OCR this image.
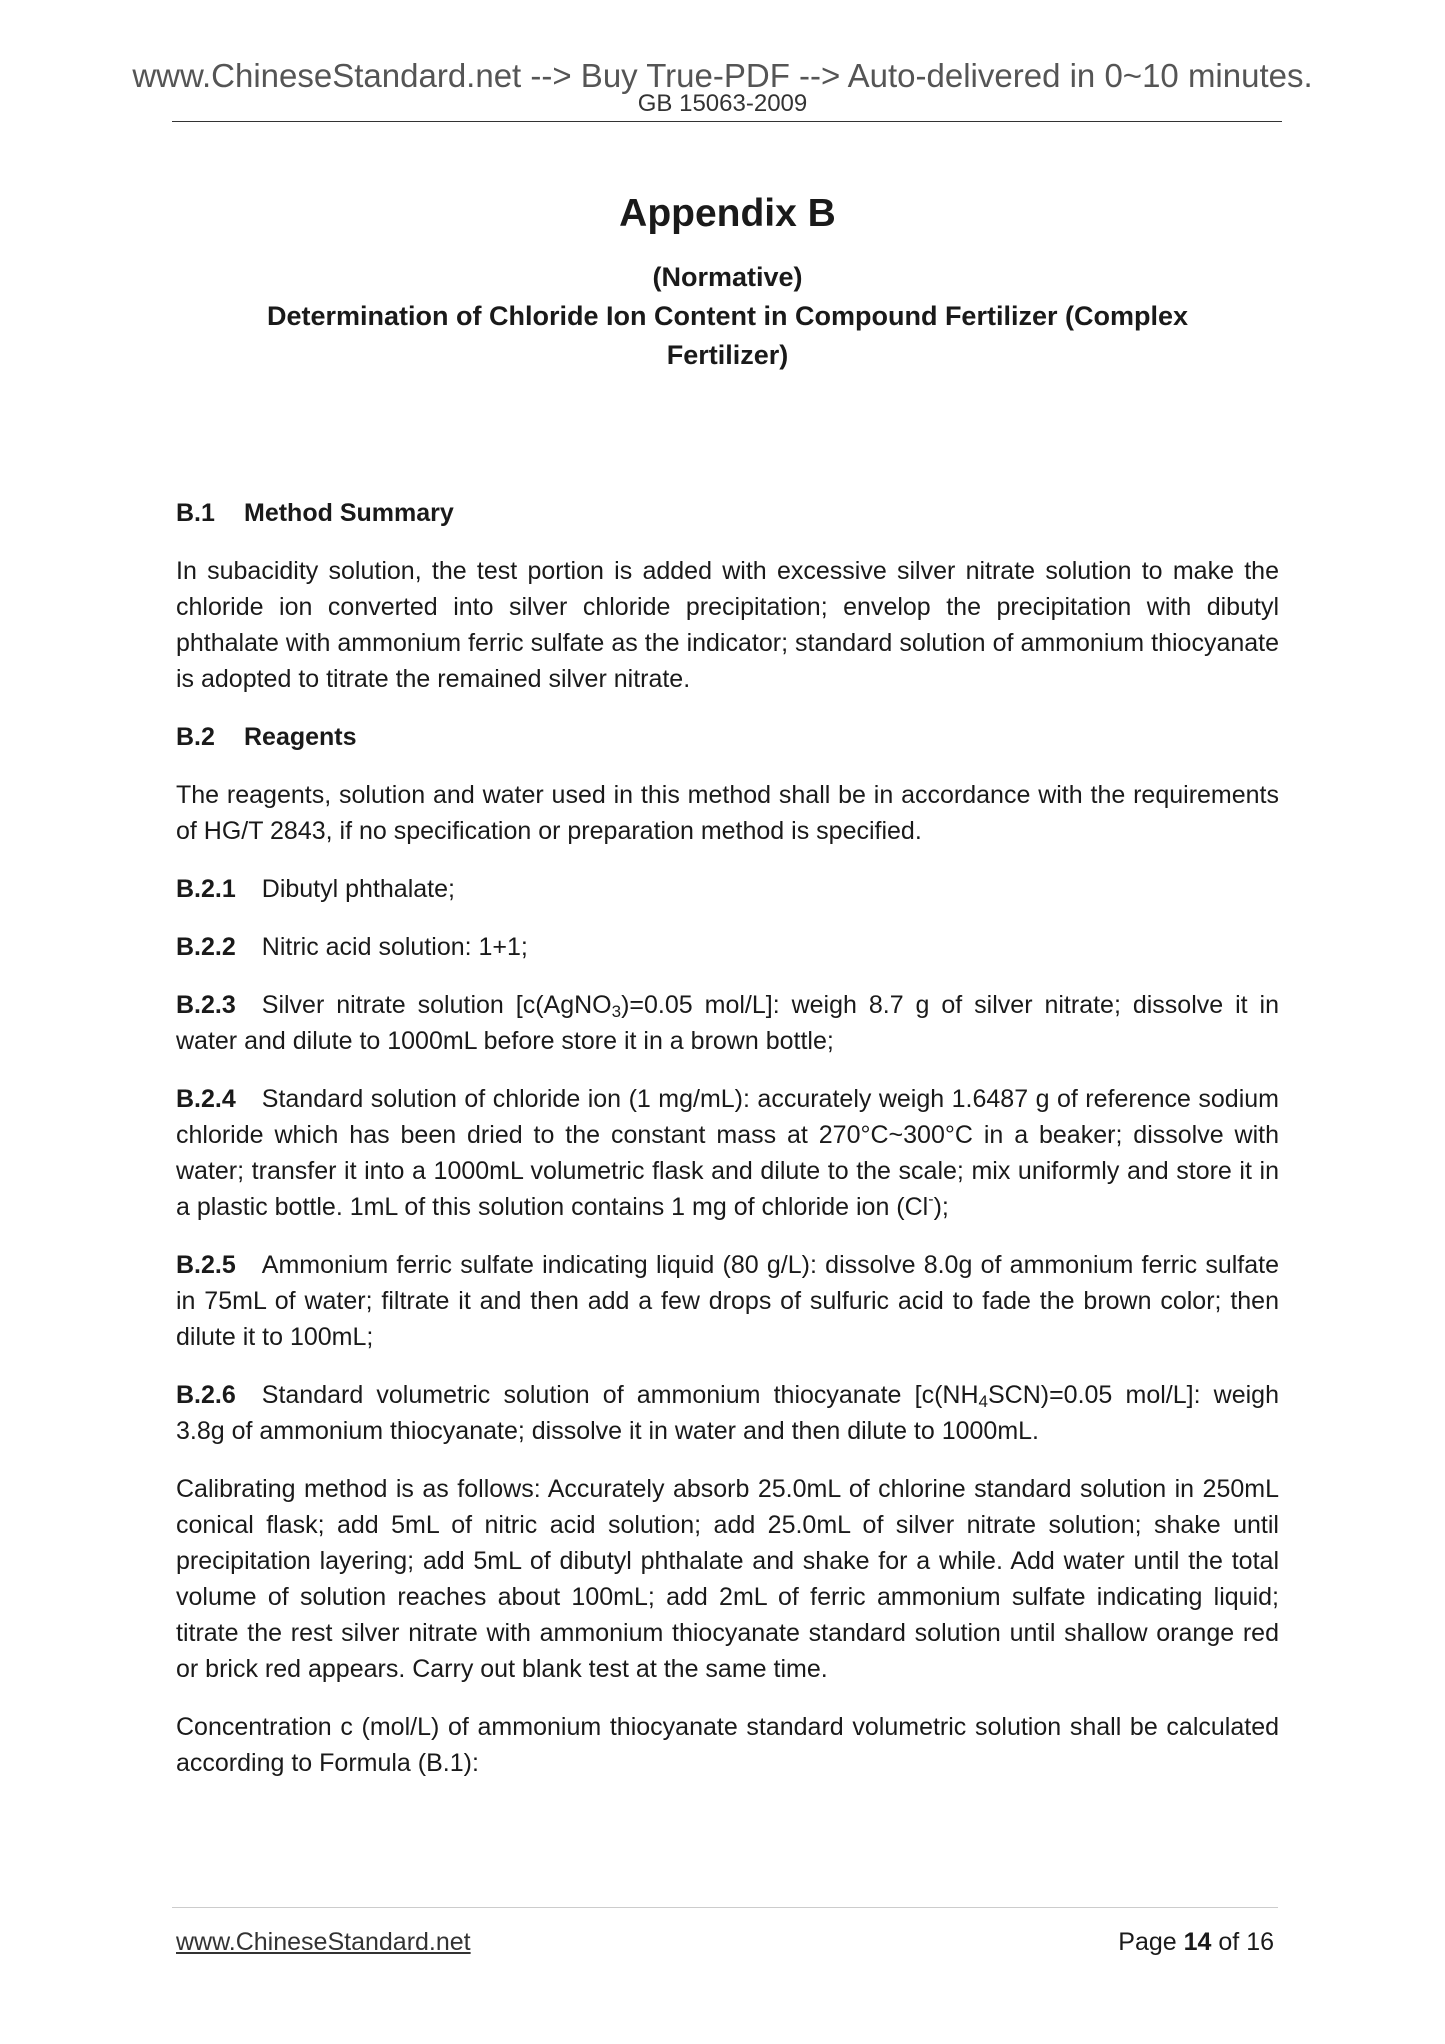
www.ChineseStandard.net --> Buy True-PDF --> Auto-delivered in 0~10 minutes.
GB 15063-2009
Appendix B
(Normative)
Determination of Chloride Ion Content in Compound Fertilizer (Complex
Fertilizer)
B.1	Method Summary

In subacidity solution, the test portion is added with excessive silver nitrate solution to make the chloride ion converted into silver chloride precipitation; envelop the precipitation with dibutyl phthalate with ammonium ferric sulfate as the indicator; standard solution of ammonium thiocyanate is adopted to titrate the remained silver nitrate.

B.2	Reagents

The reagents, solution and water used in this method shall be in accordance with the requirements of HG/T 2843, if no specification or preparation method is specified.

B.2.1 Dibutyl phthalate;

B.2.2 Nitric acid solution: 1+1;

B.2.3 Silver nitrate solution [c(AgNO$_3$)=0.05 mol/L]: weigh 8.7 g of silver nitrate; dissolve it in water and dilute to 1000mL before store it in a brown bottle;

B.2.4 Standard solution of chloride ion (1 mg/mL): accurately weigh 1.6487 g of reference sodium chloride which has been dried to the constant mass at 270°C~300°C in a beaker; dissolve with water; transfer it into a 1000mL volumetric flask and dilute to the scale; mix uniformly and store it in a plastic bottle. 1mL of this solution contains 1 mg of chloride ion (Cl-);

B.2.5 Ammonium ferric sulfate indicating liquid (80 g/L): dissolve 8.0g of ammonium ferric sulfate in 75mL of water; filtrate it and then add a few drops of sulfuric acid to fade the brown color; then dilute it to 100mL;

B.2.6 Standard volumetric solution of ammonium thiocyanate [$c(NH_4SCN)=0.05$ mol/L]: weigh 3.8g of ammonium thiocyanate; dissolve it in water and then dilute to 1000mL.

Calibrating method is as follows: Accurately absorb 25.0mL of chlorine standard solution in 250mL conical flask; add 5mL of nitric acid solution; add 25.0mL of silver nitrate solution; shake until precipitation layering; add 5mL of dibutyl phthalate and shake for a while. Add water until the total volume of solution reaches about 100mL; add 2mL of ferric ammonium sulfate indicating liquid; titrate the rest silver nitrate with ammonium thiocyanate standard solution until shallow orange red or brick red appears. Carry out blank test at the same time.

Concentration c (mol/L) of ammonium thiocyanate standard volumetric solution shall be calculated according to Formula (B.1):

www.ChineseStandard.net	Page 14 of 16
